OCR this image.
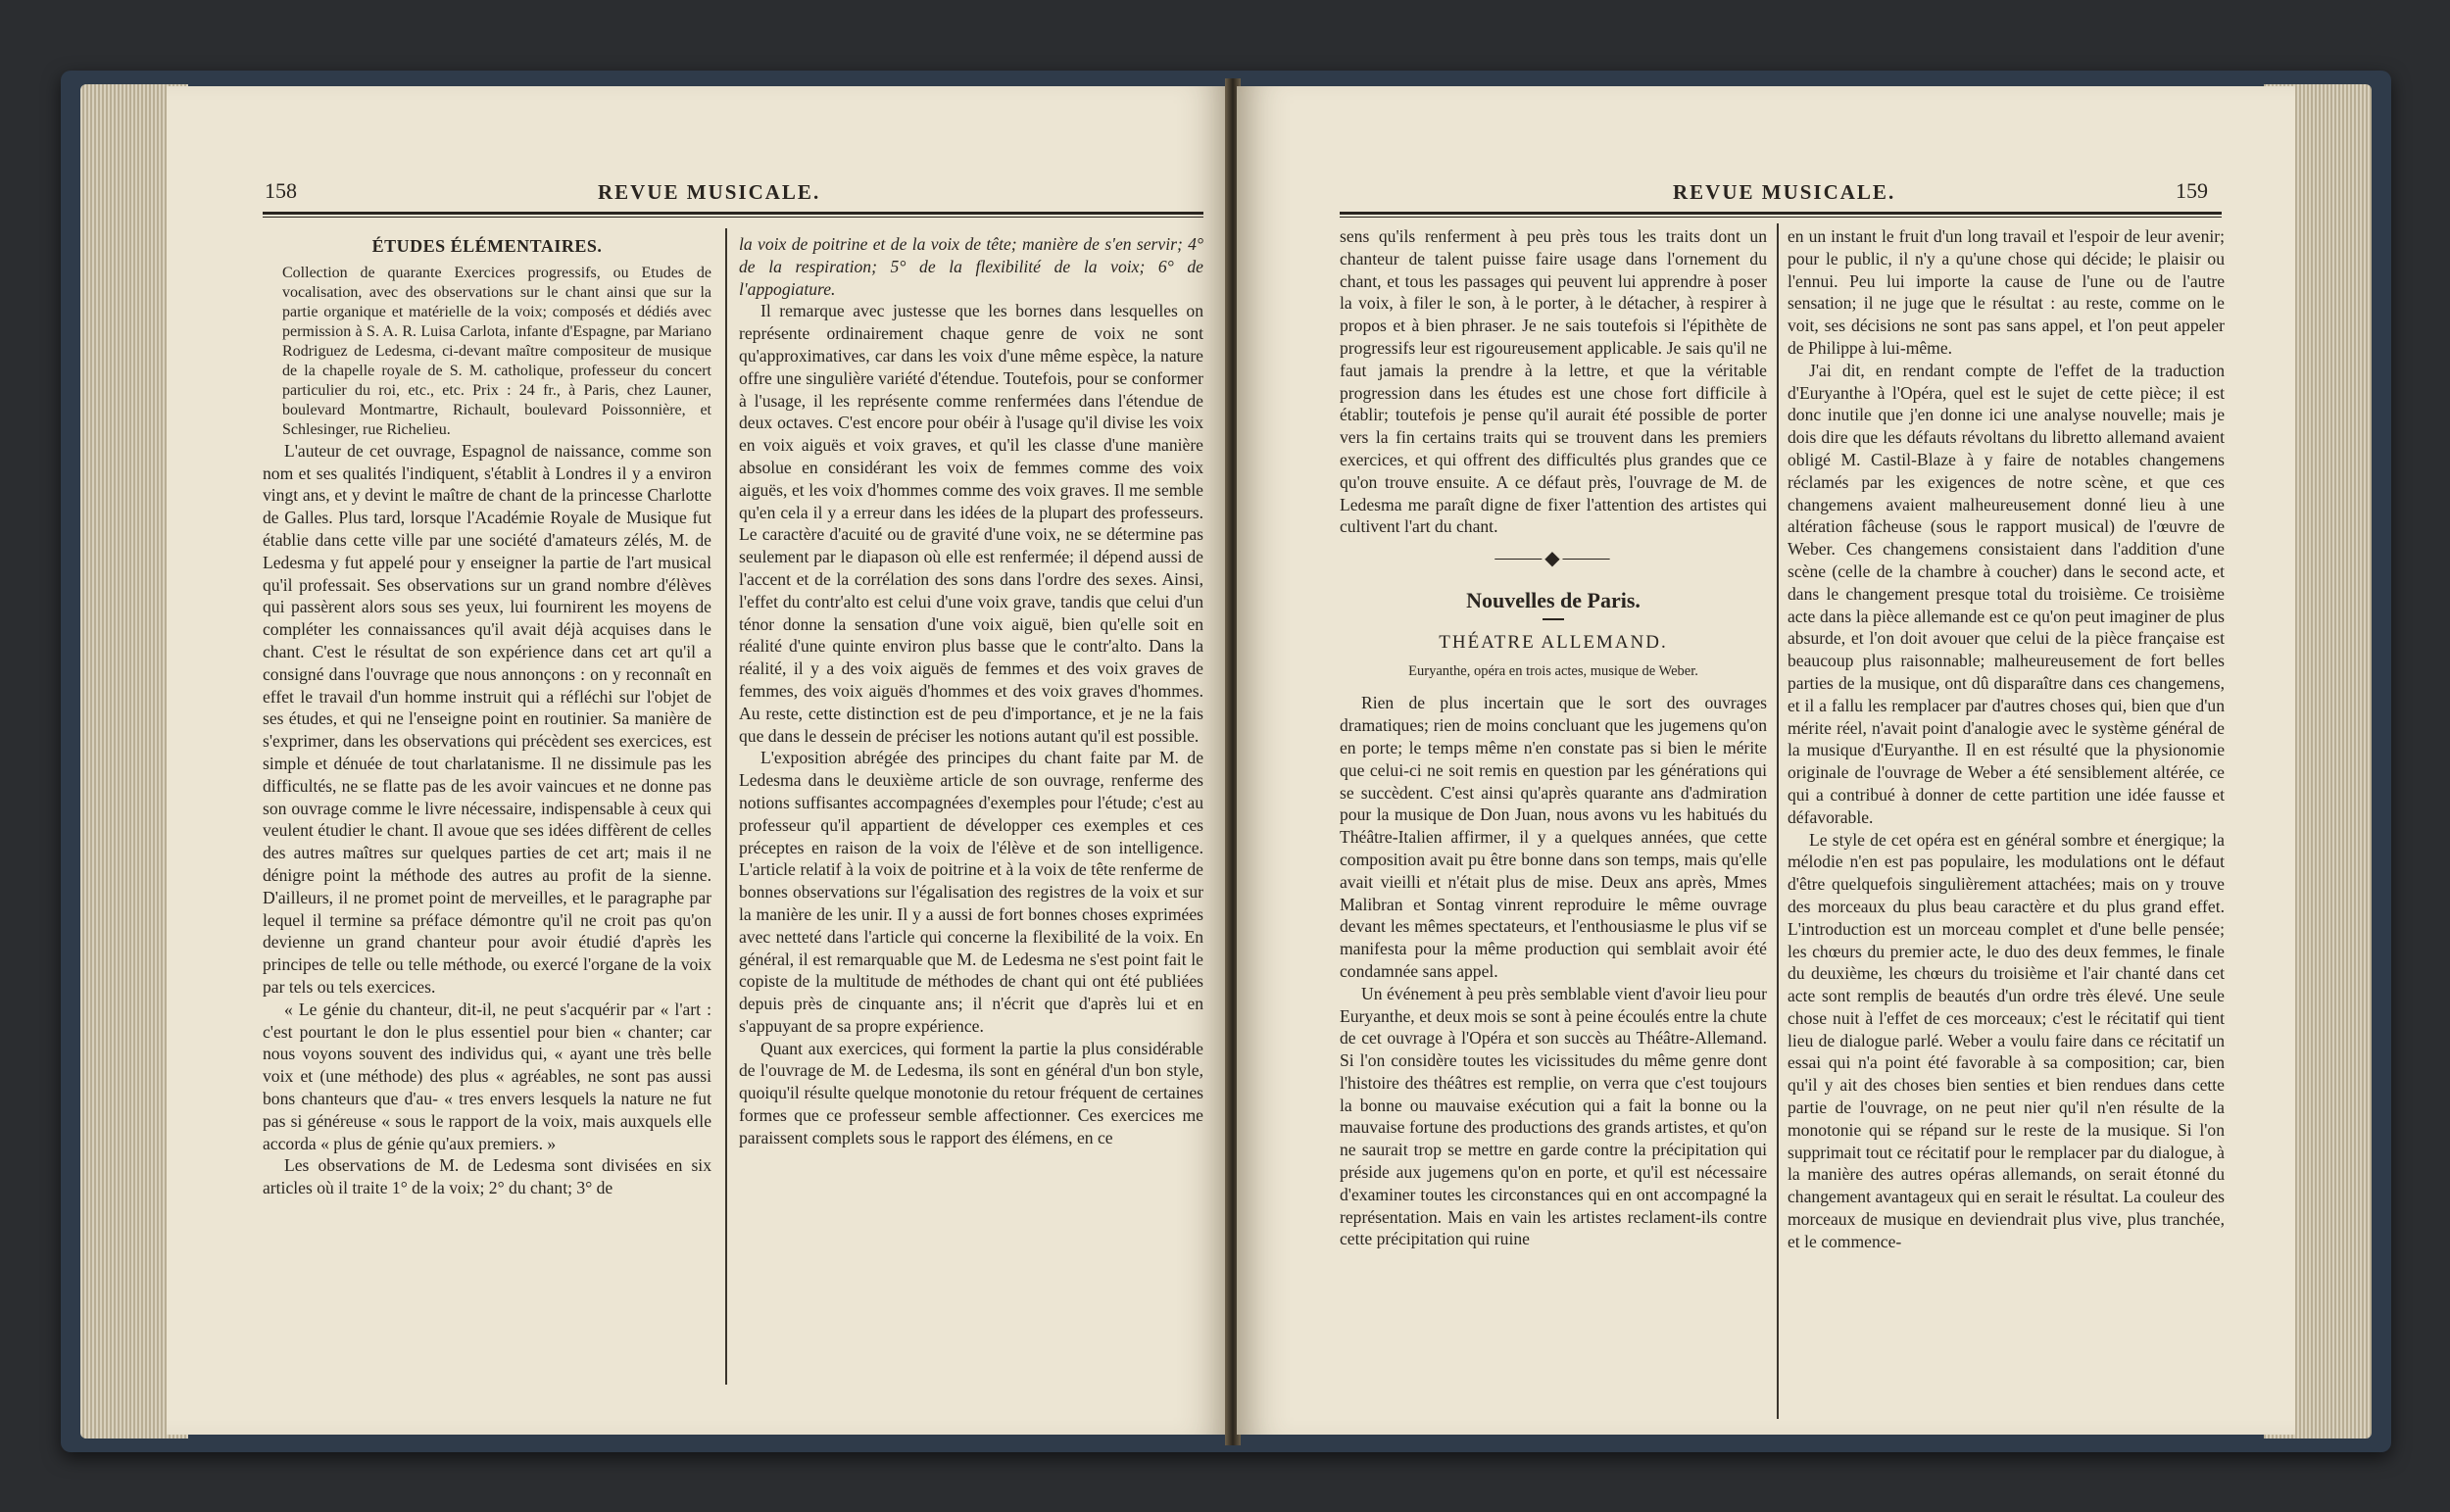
158	REVUE MUSICALE.
ÉTUDES ÉLÉMENTAIRES.

Collection de quarante Exercices progressifs, ou Etudes de vocalisation, avec des observations sur le chant ainsi que sur la partie organique et matérielle de la voix; composés et dédiés avec permission à S. A. R. Luisa Carlota, infante d'Espagne, par Mariano Rodriguez de Ledesma, ci-devant maître compositeur de musique de la chapelle royale de S. M. catholique, professeur du concert particulier du roi, etc., etc. Prix : 24 fr., à Paris, chez Launer, boulevard Montmartre, Richault, boulevard Poissonnière, et Schlesinger, rue Richelieu.

L'auteur de cet ouvrage, Espagnol de naissance, comme son nom et ses qualités l'indiquent, s'établit à Londres il y a environ vingt ans, et y devint le maître de chant de la princesse Charlotte de Galles. Plus tard, lorsque l'Académie Royale de Musique fut établie dans cette ville par une société d'amateurs zélés, M. de Ledesma y fut appelé pour y enseigner la partie de l'art musical qu'il professait. Ses observations sur un grand nombre d'élèves qui passèrent alors sous ses yeux, lui fournirent les moyens de compléter les connaissances qu'il avait déjà acquises dans le chant. C'est le résultat de son expérience dans cet art qu'il a consigné dans l'ouvrage que nous annonçons : on y reconnaît en effet le travail d'un homme instruit qui a réfléchi sur l'objet de ses études, et qui ne l'enseigne point en routinier. Sa manière de s'exprimer, dans les observations qui précèdent ses exercices, est simple et dénuée de tout charlatanisme. Il ne dissimule pas les difficultés, ne se flatte pas de les avoir vaincues et ne donne pas son ouvrage comme le livre nécessaire, indispensable à ceux qui veulent étudier le chant. Il avoue que ses idées diffèrent de celles des autres maîtres sur quelques parties de cet art; mais il ne dénigre point la méthode des autres au profit de la sienne. D'ailleurs, il ne promet point de merveilles, et le paragraphe par lequel il termine sa préface démontre qu'il ne croit pas qu'on devienne un grand chanteur pour avoir étudié d'après les principes de telle ou telle méthode, ou exercé l'organe de la voix par tels ou tels exercices.

« Le génie du chanteur, dit-il, ne peut s'acquérir par « l'art : c'est pourtant le don le plus essentiel pour bien « chanter; car nous voyons souvent des individus qui, « ayant une très belle voix et (une méthode) des plus « agréables, ne sont pas aussi bons chanteurs que d'au- « tres envers lesquels la nature ne fut pas si généreuse « sous le rapport de la voix, mais auxquels elle accorda « plus de génie qu'aux premiers. »

Les observations de M. de Ledesma sont divisées en six articles où il traite 1° de la voix; 2° du chant; 3° de

la voix de poitrine et de la voix de tête; manière de s'en servir; 4° de la respiration; 5° de la flexibilité de la voix; 6° de l'appogiature.

Il remarque avec justesse que les bornes dans lesquelles on représente ordinairement chaque genre de voix ne sont qu'approximatives, car dans les voix d'une même espèce, la nature offre une singulière variété d'étendue. Toutefois, pour se conformer à l'usage, il les représente comme renfermées dans l'étendue de deux octaves. C'est encore pour obéir à l'usage qu'il divise les voix en voix aiguës et voix graves, et qu'il les classe d'une manière absolue en considérant les voix de femmes comme des voix aiguës, et les voix d'hommes comme des voix graves. Il me semble qu'en cela il y a erreur dans les idées de la plupart des professeurs. Le caractère d'acuité ou de gravité d'une voix, ne se détermine pas seulement par le diapason où elle est renfermée; il dépend aussi de l'accent et de la corrélation des sons dans l'ordre des sexes. Ainsi, l'effet du contr'alto est celui d'une voix grave, tandis que celui d'un ténor donne la sensation d'une voix aiguë, bien qu'elle soit en réalité d'une quinte environ plus basse que le contr'alto. Dans la réalité, il y a des voix aiguës de femmes et des voix graves de femmes, des voix aiguës d'hommes et des voix graves d'hommes. Au reste, cette distinction est de peu d'importance, et je ne la fais que dans le dessein de préciser les notions autant qu'il est possible.

L'exposition abrégée des principes du chant faite par M. de Ledesma dans le deuxième article de son ouvrage, renferme des notions suffisantes accompagnées d'exemples pour l'étude; c'est au professeur qu'il appartient de développer ces exemples et ces préceptes en raison de la voix de l'élève et de son intelligence. L'article relatif à la voix de poitrine et à la voix de tête renferme de bonnes observations sur l'égalisation des registres de la voix et sur la manière de les unir. Il y a aussi de fort bonnes choses exprimées avec netteté dans l'article qui concerne la flexibilité de la voix. En général, il est remarquable que M. de Ledesma ne s'est point fait le copiste de la multitude de méthodes de chant qui ont été publiées depuis près de cinquante ans; il n'écrit que d'après lui et en s'appuyant de sa propre expérience.

Quant aux exercices, qui forment la partie la plus considérable de l'ouvrage de M. de Ledesma, ils sont en général d'un bon style, quoiqu'il résulte quelque monotonie du retour fréquent de certaines formes que ce professeur semble affectionner. Ces exercices me paraissent complets sous le rapport des élémens, en ce

REVUE MUSICALE.	159

sens qu'ils renferment à peu près tous les traits dont un chanteur de talent puisse faire usage dans l'ornement du chant, et tous les passages qui peuvent lui apprendre à poser la voix, à filer le son, à le porter, à le détacher, à respirer à propos et à bien phraser. Je ne sais toutefois si l'épithète de progressifs leur est rigoureusement applicable. Je sais qu'il ne faut jamais la prendre à la lettre, et que la véritable progression dans les études est une chose fort difficile à établir; toutefois je pense qu'il aurait été possible de porter vers la fin certains traits qui se trouvent dans les premiers exercices, et qui offrent des difficultés plus grandes que ce qu'on trouve ensuite. A ce défaut près, l'ouvrage de M. de Ledesma me paraît digne de fixer l'attention des artistes qui cultivent l'art du chant.

⸻◆⸻
Nouvelles de Paris.
THÉATRE ALLEMAND.
Euryanthe, opéra en trois actes, musique de Weber.

Rien de plus incertain que le sort des ouvrages dramatiques; rien de moins concluant que les jugemens qu'on en porte; le temps même n'en constate pas si bien le mérite que celui-ci ne soit remis en question par les générations qui se succèdent. C'est ainsi qu'après quarante ans d'admiration pour la musique de Don Juan, nous avons vu les habitués du Théâtre-Italien affirmer, il y a quelques années, que cette composition avait pu être bonne dans son temps, mais qu'elle avait vieilli et n'était plus de mise. Deux ans après, Mmes Malibran et Sontag vinrent reproduire le même ouvrage devant les mêmes spectateurs, et l'enthousiasme le plus vif se manifesta pour la même production qui semblait avoir été condamnée sans appel.

Un événement à peu près semblable vient d'avoir lieu pour Euryanthe, et deux mois se sont à peine écoulés entre la chute de cet ouvrage à l'Opéra et son succès au Théâtre-Allemand. Si l'on considère toutes les vicissitudes du même genre dont l'histoire des théâtres est remplie, on verra que c'est toujours la bonne ou mauvaise exécution qui a fait la bonne ou la mauvaise fortune des productions des grands artistes, et qu'on ne saurait trop se mettre en garde contre la précipitation qui préside aux jugemens qu'on en porte, et qu'il est nécessaire d'examiner toutes les circonstances qui en ont accompagné la représentation. Mais en vain les artistes reclament-ils contre cette précipitation qui ruine

en un instant le fruit d'un long travail et l'espoir de leur avenir; pour le public, il n'y a qu'une chose qui décide; le plaisir ou l'ennui. Peu lui importe la cause de l'une ou de l'autre sensation; il ne juge que le résultat : au reste, comme on le voit, ses décisions ne sont pas sans appel, et l'on peut appeler de Philippe à lui-même.

J'ai dit, en rendant compte de l'effet de la traduction d'Euryanthe à l'Opéra, quel est le sujet de cette pièce; il est donc inutile que j'en donne ici une analyse nouvelle; mais je dois dire que les défauts révoltans du libretto allemand avaient obligé M. Castil-Blaze à y faire de notables changemens réclamés par les exigences de notre scène, et que ces changemens avaient malheureusement donné lieu à une altération fâcheuse (sous le rapport musical) de l'œuvre de Weber. Ces changemens consistaient dans l'addition d'une scène (celle de la chambre à coucher) dans le second acte, et dans le changement presque total du troisième. Ce troisième acte dans la pièce allemande est ce qu'on peut imaginer de plus absurde, et l'on doit avouer que celui de la pièce française est beaucoup plus raisonnable; malheureusement de fort belles parties de la musique, ont dû disparaître dans ces changemens, et il a fallu les remplacer par d'autres choses qui, bien que d'un mérite réel, n'avait point d'analogie avec le système général de la musique d'Euryanthe. Il en est résulté que la physionomie originale de l'ouvrage de Weber a été sensiblement altérée, ce qui a contribué à donner de cette partition une idée fausse et défavorable.

Le style de cet opéra est en général sombre et énergique; la mélodie n'en est pas populaire, les modulations ont le défaut d'être quelquefois singulièrement attachées; mais on y trouve des morceaux du plus beau caractère et du plus grand effet. L'introduction est un morceau complet et d'une belle pensée; les chœurs du premier acte, le duo des deux femmes, le finale du deuxième, les chœurs du troisième et l'air chanté dans cet acte sont remplis de beautés d'un ordre très élevé. Une seule chose nuit à l'effet de ces morceaux; c'est le récitatif qui tient lieu de dialogue parlé. Weber a voulu faire dans ce récitatif un essai qui n'a point été favorable à sa composition; car, bien qu'il y ait des choses bien senties et bien rendues dans cette partie de l'ouvrage, on ne peut nier qu'il n'en résulte de la monotonie qui se répand sur le reste de la musique. Si l'on supprimait tout ce récitatif pour le remplacer par du dialogue, à la manière des autres opéras allemands, on serait étonné du changement avantageux qui en serait le résultat. La couleur des morceaux de musique en deviendrait plus vive, plus tranchée, et le commence-
